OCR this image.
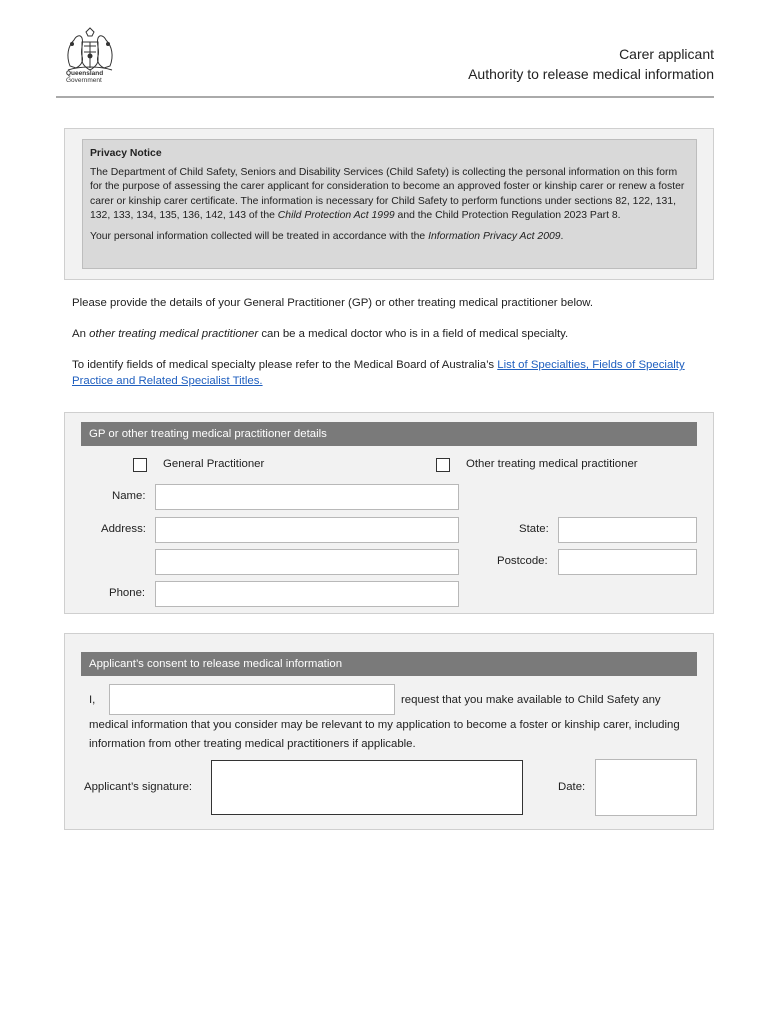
Queensland
Government
Carer applicant
Authority to release medical information

Privacy Notice

The Department of Child Safety, Seniors and Disability Services (Child Safety) is collecting the personal information on this form for the purpose of assessing the carer applicant for consideration to become an approved foster or kinship carer or renew a foster carer or kinship carer certificate. The information is necessary for Child Safety to perform functions under sections 82, 122, 131, 132, 133, 134, 135, 136, 142, 143 of the Child Protection Act 1999 and the Child Protection Regulation 2023 Part 8.

Your personal information collected will be treated in accordance with the Information Privacy Act 2009.

Please provide the details of your General Practitioner (GP) or other treating medical practitioner below.
An other treating medical practitioner can be a medical doctor who is in a field of medical specialty.
To identify fields of medical specialty please refer to the Medical Board of Australia’s List of Specialties, Fields of Specialty Practice and Related Specialist Titles.
GP or other treating medical practitioner details
General Practitioner	Other treating medical practitioner
Name:
Address:	State:
Postcode:
Phone:
Applicant’s consent to release medical information
I,	request that you make available to Child Safety any
medical information that you consider may be relevant to my application to become a foster or kinship carer, including information from other treating medical practitioners if applicable.
Applicant’s signature:	Date:
